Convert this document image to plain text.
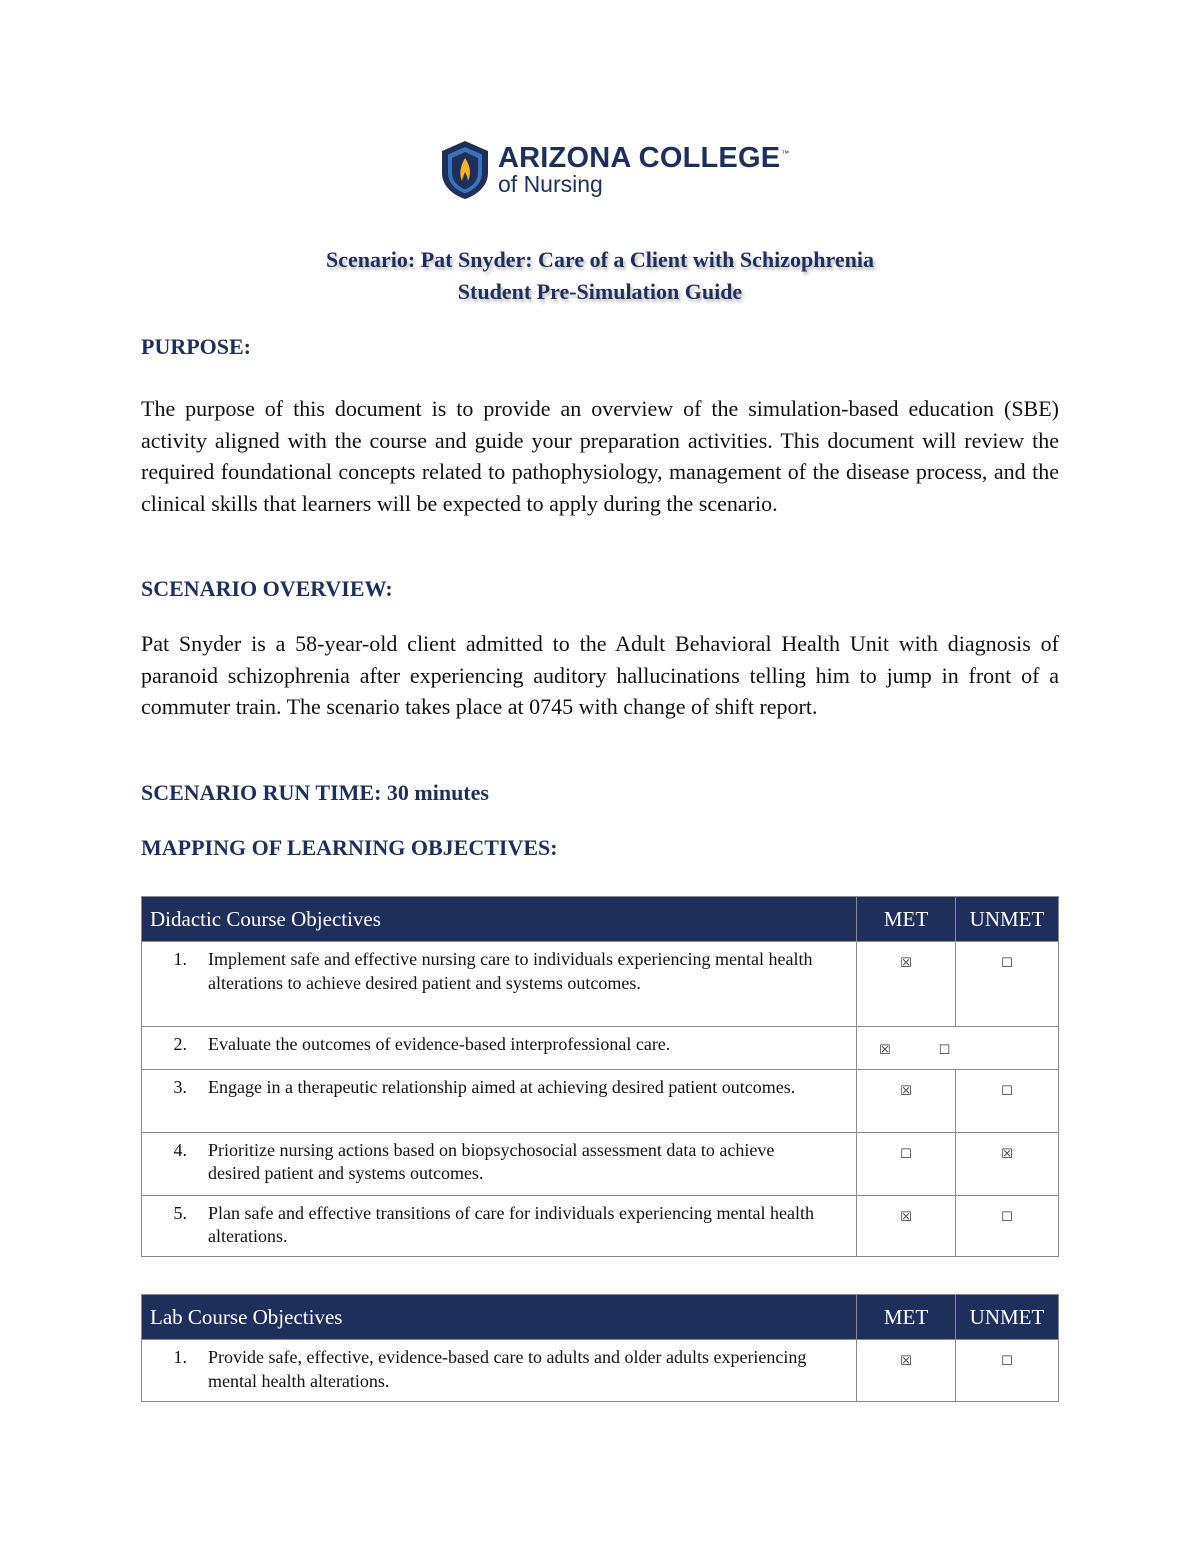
ARIZONA COLLEGE™
of Nursing
Scenario: Pat Snyder: Care of a Client with Schizophrenia
Student Pre-Simulation Guide
PURPOSE:
The purpose of this document is to provide an overview of the simulation-based education (SBE) activity aligned with the course and guide your preparation activities. This document will review the required foundational concepts related to pathophysiology, management of the disease process, and the clinical skills that learners will be expected to apply during the scenario.
SCENARIO OVERVIEW:
Pat Snyder is a 58-year-old client admitted to the Adult Behavioral Health Unit with diagnosis of paranoid schizophrenia after experiencing auditory hallucinations telling him to jump in front of a commuter train. The scenario takes place at 0745 with change of shift report.
SCENARIO RUN TIME: 30 minutes
MAPPING OF LEARNING OBJECTIVES:
Didactic Course Objectives	MET	UNMET
1. Implement safe and effective nursing care to individuals experiencing mental health alterations to achieve desired patient and systems outcomes.	☒	☐
2. Evaluate the outcomes of evidence-based interprofessional care.	☒ ☐	
3. Engage in a therapeutic relationship aimed at achieving desired patient outcomes.	☒	☐
4. Prioritize nursing actions based on biopsychosocial assessment data to achieve desired patient and systems outcomes.	☐	☒
5. Plan safe and effective transitions of care for individuals experiencing mental health alterations.	☒	☐
Lab Course Objectives	MET	UNMET
1. Provide safe, effective, evidence-based care to adults and older adults experiencing mental health alterations.	☒	☐
